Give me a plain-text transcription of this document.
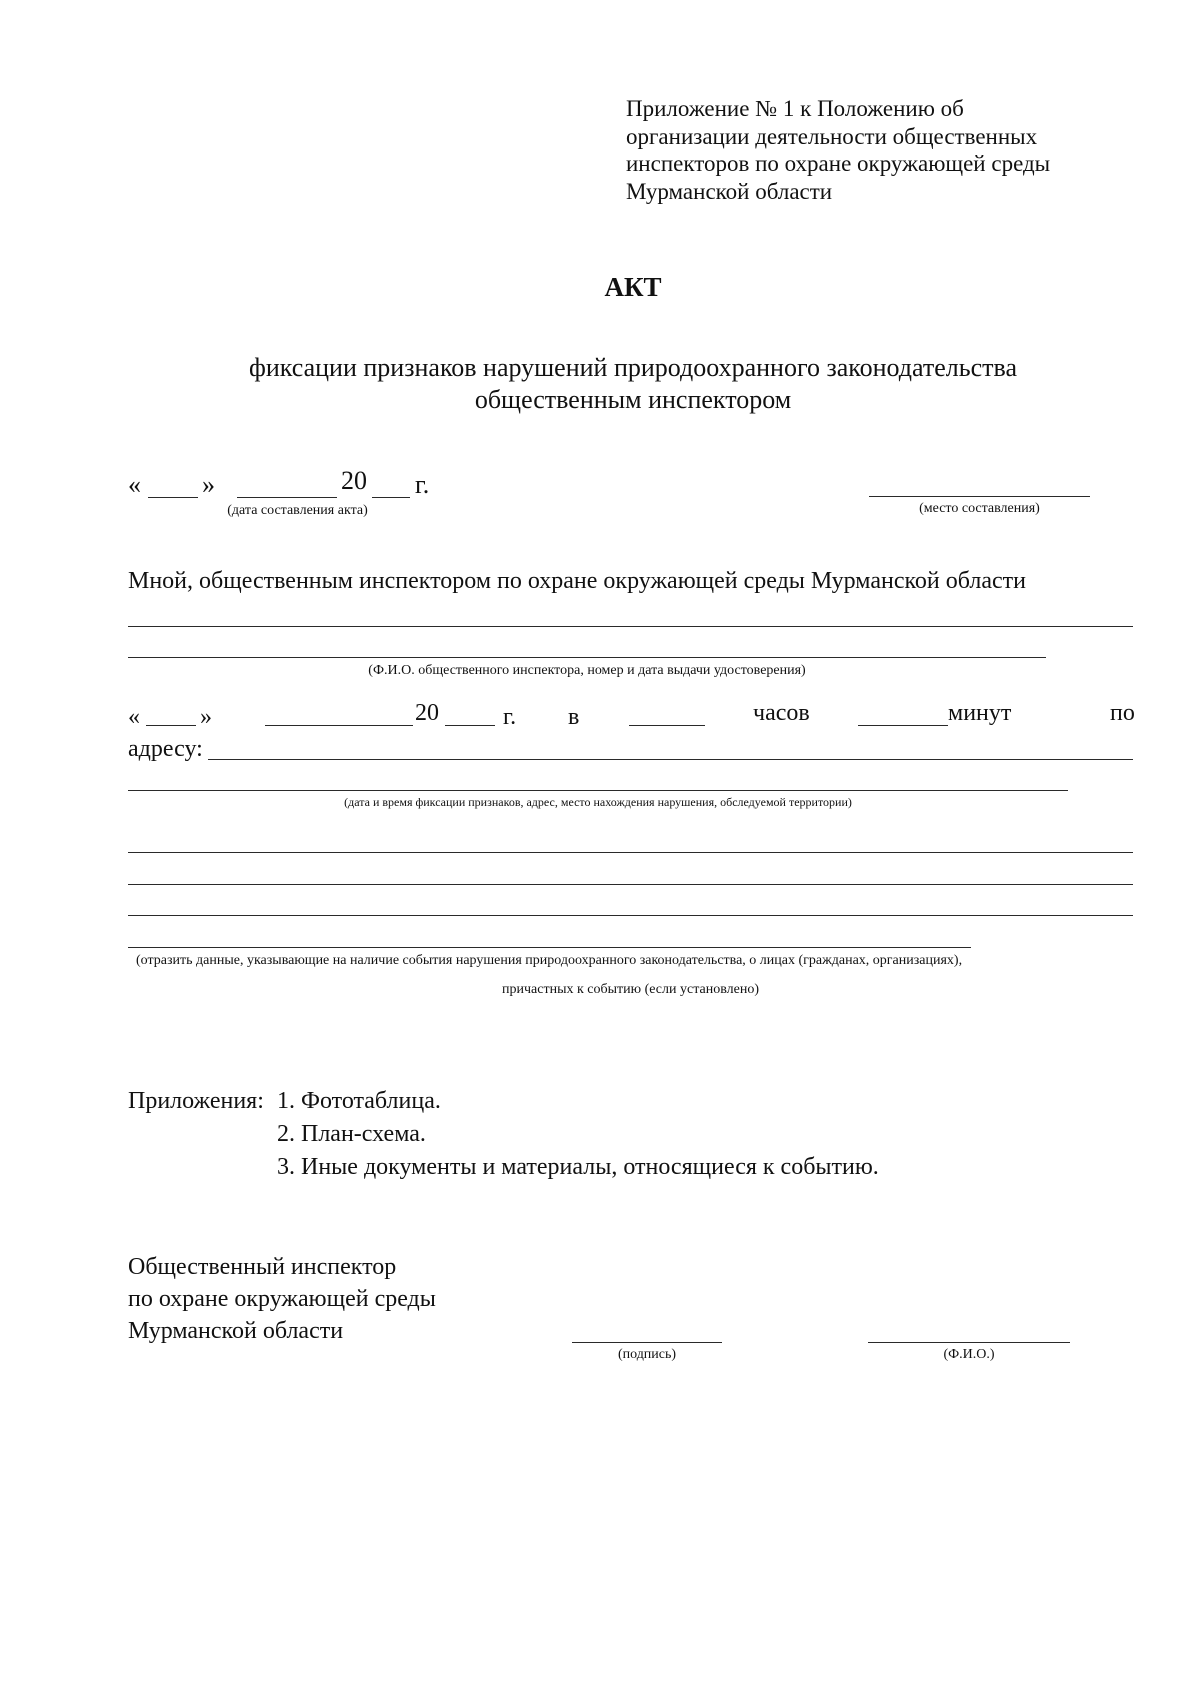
Приложение № 1 к Положению об
организации деятельности общественных
инспекторов по охране окружающей среды
Мурманской области
АКТ
фиксации признаков нарушений природоохранного законодательства
общественным инспектором
« »	20 г.
(дата составления акта)	(место составления)
Мной, общественным инспектором по охране окружающей среды Мурманской области
(Ф.И.О. общественного инспектора, номер и дата выдачи удостоверения)
«	»	20	г. в	часов	минут	по
адресу:
(дата и время фиксации признаков, адрес, место нахождения нарушения, обследуемой территории)
(отразить данные, указывающие на наличие события нарушения природоохранного законодательства, о лицах (гражданах, организациях),
причастных к событию (если установлено)
Приложения: 1. Фототаблица.
2. План-схема.
3. Иные документы и материалы, относящиеся к событию.
Общественный инспектор
по охране окружающей среды
Мурманской области
(подпись)	(Ф.И.О.)
